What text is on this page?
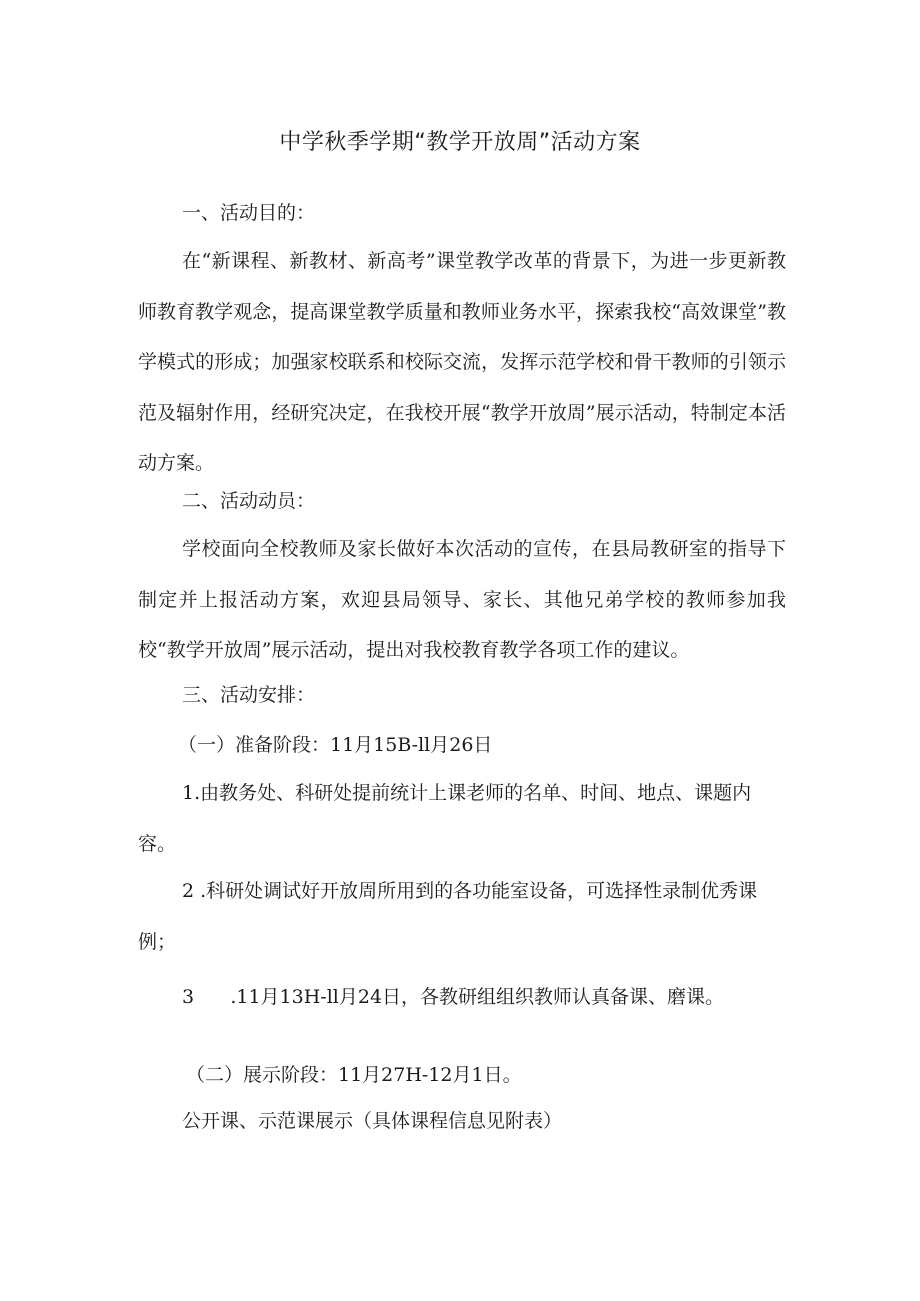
中学秋季学期“教学开放周”活动方案
一、活动目的：
在“新课程、新教材、新高考”课堂教学改革的背景下，为进一步更新教师教育教学观念，提高课堂教学质量和教师业务水平，探索我校“高效课堂”教学模式的形成；加强家校联系和校际交流，发挥示范学校和骨干教师的引领示范及辐射作用，经研究决定，在我校开展“教学开放周”展示活动，特制定本活动方案。
二、活动动员：
学校面向全校教师及家长做好本次活动的宣传，在县局教研室的指导下制定并上报活动方案，欢迎县局领导、家长、其他兄弟学校的教师参加我校“教学开放周”展示活动，提出对我校教育教学各项工作的建议。
三、活动安排：
（一）准备阶段：11月15B-ll月26日
1.由教务处、科研处提前统计上课老师的名单、时间、地点、课题内容。
2 .科研处调试好开放周所用到的各功能室设备，可选择性录制优秀课例；
3      .11月13H-ll月24日，各教研组组织教师认真备课、磨课。
（二）展示阶段：11月27H-12月1日。
公开课、示范课展示（具体课程信息见附表）
